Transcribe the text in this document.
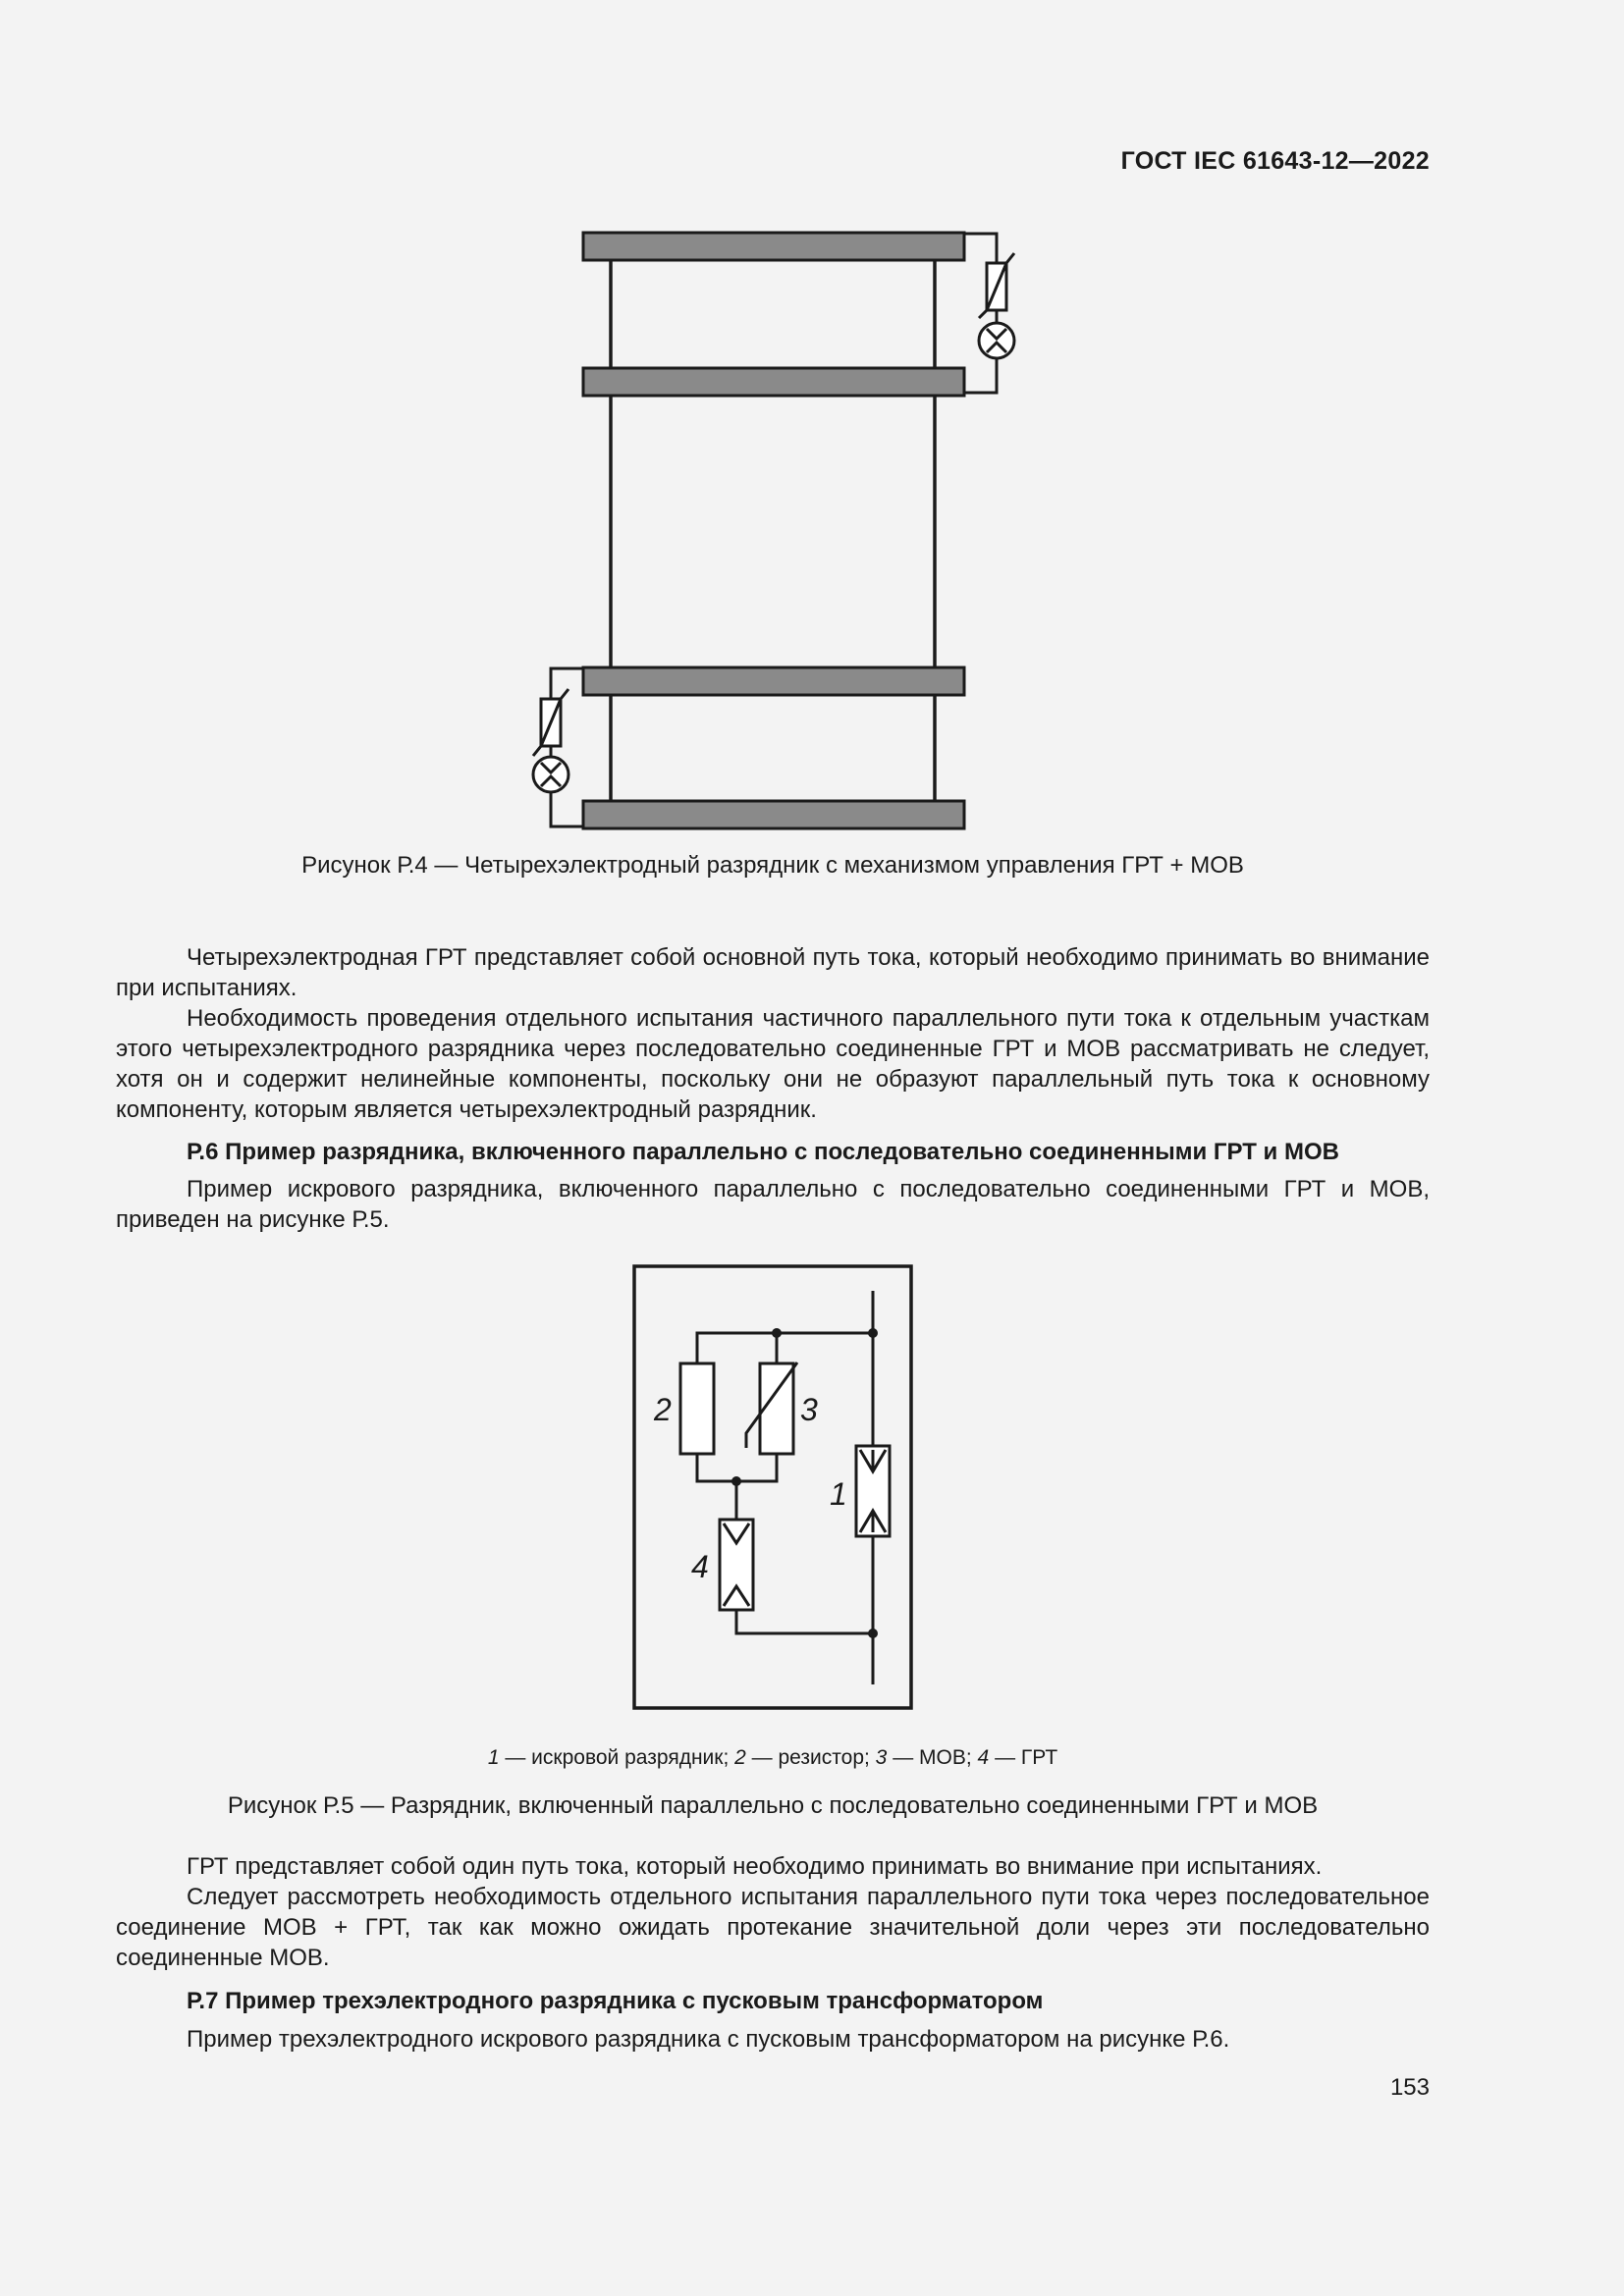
ГОСТ IEC 61643-12—2022
Рисунок Р.4 — Четырехэлектродный разрядник с механизмом управления ГРТ + МОВ

Четырехэлектродная ГРТ представляет собой основной путь тока, который необходимо принимать во внимание при испытаниях.

Необходимость проведения отдельного испытания частичного параллельного пути тока к отдельным участкам этого четырехэлектродного разрядника через последовательно соединенные ГРТ и МОВ рассматривать не следует, хотя он и содержит нелинейные компоненты, поскольку они не образуют параллельный путь тока к основному компоненту, которым является четырехэлектродный разрядник.

Р.6 Пример разрядника, включенного параллельно с последовательно соединенными ГРТ и МОВ

Пример искрового разрядника, включенного параллельно с последовательно соединенными ГРТ и МОВ, приведен на рисунке Р.5.

2	3
1
4
1 — искровой разрядник; 2 — резистор; 3 — МОВ; 4 — ГРТ
Рисунок Р.5 — Разрядник, включенный параллельно с последовательно соединенными ГРТ и МОВ

ГРТ представляет собой один путь тока, который необходимо принимать во внимание при испытаниях.

Следует рассмотреть необходимость отдельного испытания параллельного пути тока через последовательное соединение МОВ + ГРТ, так как можно ожидать протекание значительной доли через эти последовательно соединенные МОВ.

Р.7 Пример трехэлектродного разрядника с пусковым трансформатором

Пример трехэлектродного искрового разрядника с пусковым трансформатором на рисунке Р.6.

153
